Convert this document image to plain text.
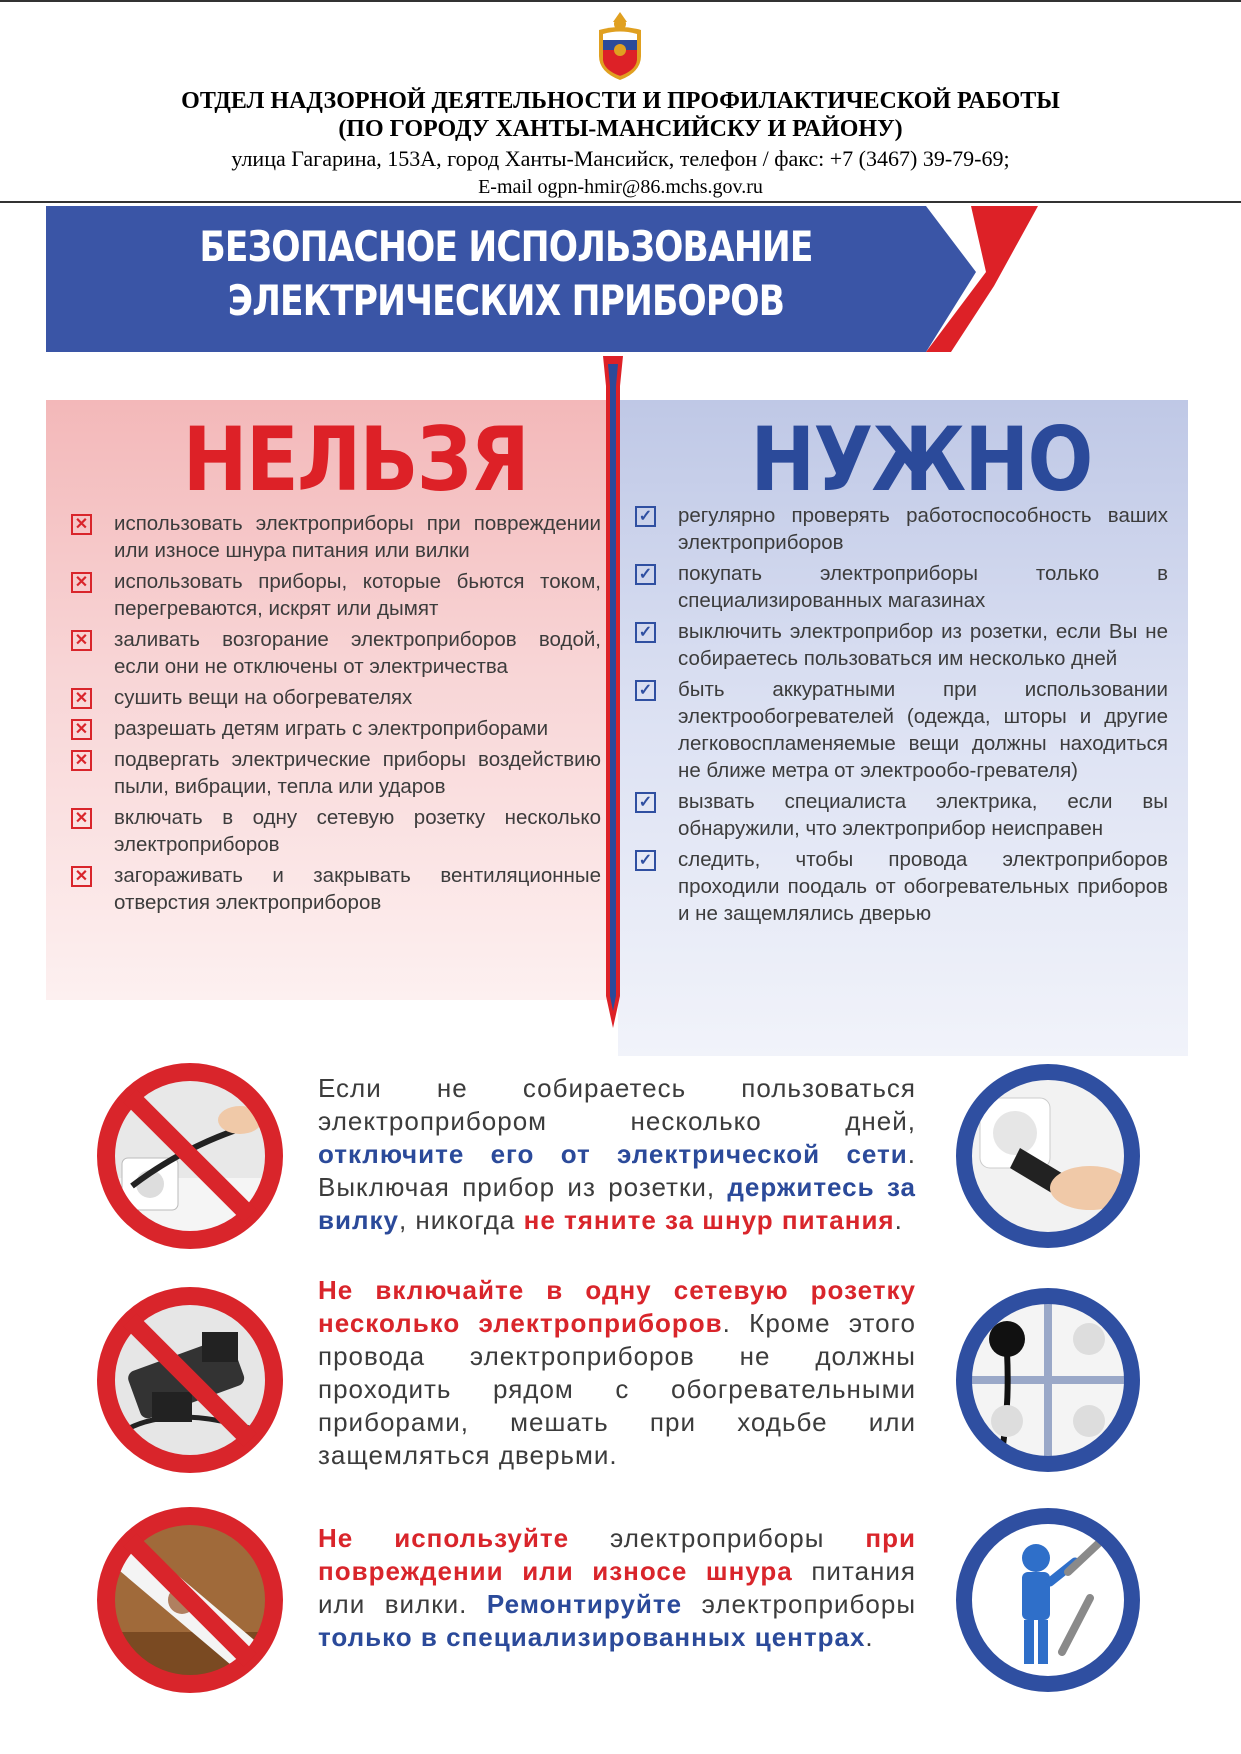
ОТДЕЛ НАДЗОРНОЙ ДЕЯТЕЛЬНОСТИ И ПРОФИЛАКТИЧЕСКОЙ РАБОТЫ
(ПО ГОРОДУ ХАНТЫ-МАНСИЙСКУ И РАЙОНУ)
улица Гагарина, 153А, город Ханты-Мансийск, телефон / факс: +7 (3467) 39-79-69;
E-mail ogpn-hmir@86.mchs.gov.ru
БЕЗОПАСНОЕ ИСПОЛЬЗОВАНИЕ
ЭЛЕКТРИЧЕСКИХ ПРИБОРОВ
НЕЛЬЗЯ	НУЖНО
✕ использовать электроприборы при повреждении или износе шнура питания или вилки
✕ использовать приборы, которые бьются током, перегреваются, искрят или дымят
✕ заливать возгорание электроприборов водой, если они не отключены от электричества
✕ сушить вещи на обогревателях
✕ разрешать детям играть с электроприборами
✕ подвергать электрические приборы воздействию пыли, вибрации, тепла или ударов
✕ включать в одну сетевую розетку несколько электроприборов
✕ загораживать и закрывать вентиляционные отверстия электроприборов
✓ регулярно проверять работоспособность ваших электроприборов
✓ покупать электроприборы только в специализированных магазинах
✓ выключить электроприбор из розетки, если Вы не собираетесь пользоваться им несколько дней
✓ быть аккуратными при использовании электрообогревателей (одежда, шторы и другие легковоспламеняемые вещи должны находиться не ближе метра от электрообо-гревателя)
✓ вызвать специалиста электрика, если вы обнаружили, что электроприбор неисправен
✓ следить, чтобы провода электроприборов проходили поодаль от обогревательных приборов и не защемлялись дверью
Если не собираетесь пользоваться электроприбором несколько дней, отключите его от электрической сети. Выключая прибор из розетки, держитесь за вилку, никогда не тяните за шнур питания.
Не включайте в одну сетевую розетку несколько электроприборов. Кроме этого провода электроприборов не должны проходить рядом с обогревательными приборами, мешать при ходьбе или защемляться дверьми.
Не используйте электроприборы при повреждении или износе шнура питания или вилки. Ремонтируйте электроприборы только в специализированных центрах.
